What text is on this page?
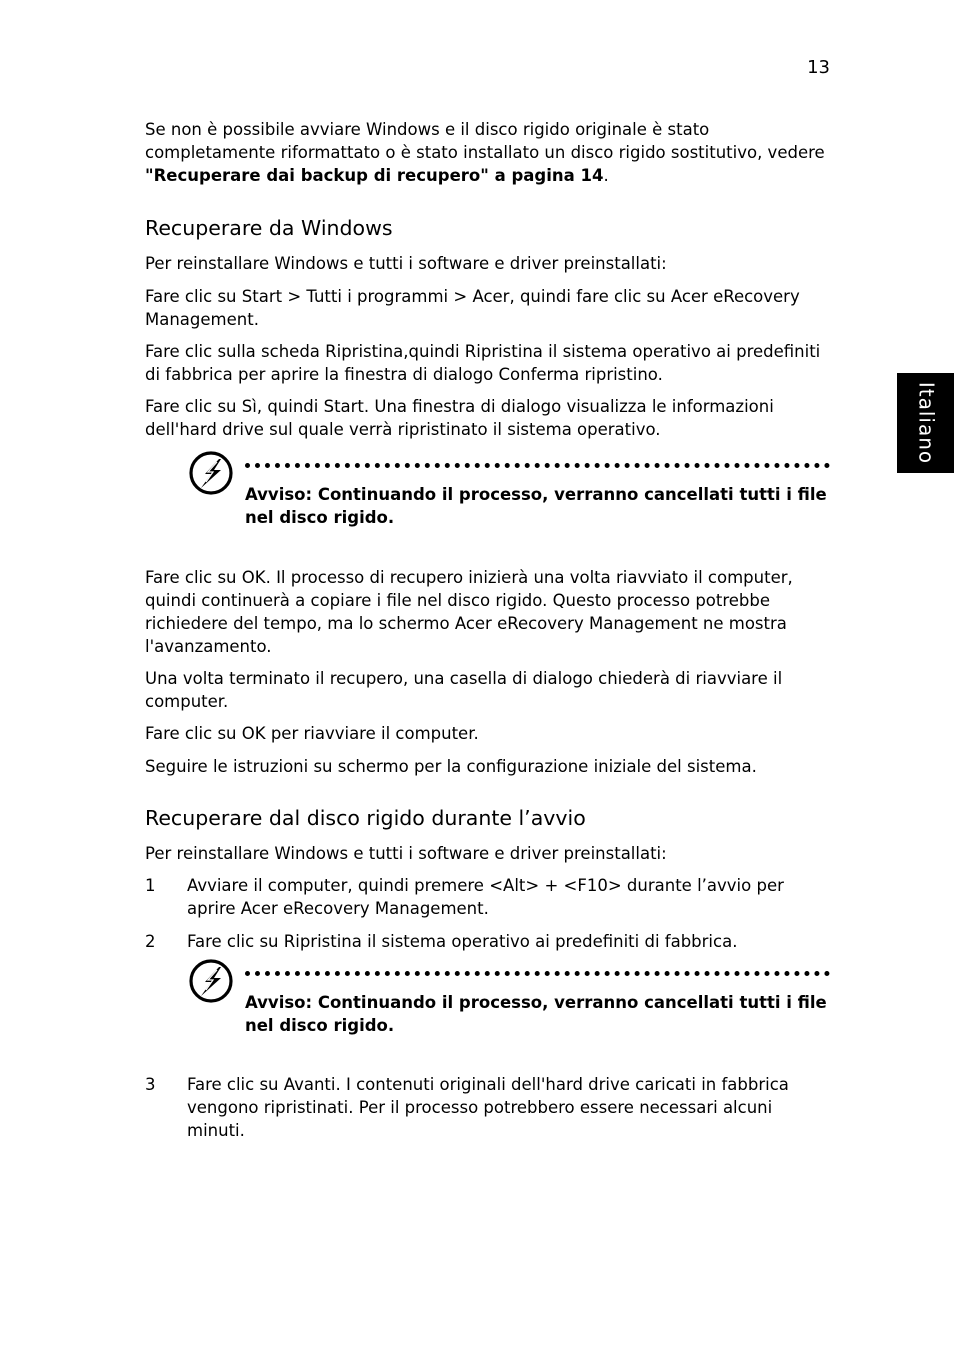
13
Italiano

Se non è possibile avviare Windows e il disco rigido originale è stato completamente riformattato o è stato installato un disco rigido sostitutivo, vedere "Recuperare dai backup di recupero" a pagina 14.

Recuperare da Windows

Per reinstallare Windows e tutti i software e driver preinstallati:

Fare clic su Start > Tutti i programmi > Acer, quindi fare clic su Acer eRecovery Management.

Fare clic sulla scheda Ripristina,quindi Ripristina il sistema operativo ai predefiniti di fabbrica per aprire la finestra di dialogo Conferma ripristino.

Fare clic su Sì, quindi Start. Una finestra di dialogo visualizza le informazioni dell'hard drive sul quale verrà ripristinato il sistema operativo.

Avviso: Continuando il processo, verranno cancellati tutti i file nel disco rigido.

Fare clic su OK. Il processo di recupero inizierà una volta riavviato il computer, quindi continuerà a copiare i file nel disco rigido. Questo processo potrebbe richiedere del tempo, ma lo schermo Acer eRecovery Management ne mostra l'avanzamento.

Una volta terminato il recupero, una casella di dialogo chiederà di riavviare il computer.

Fare clic su OK per riavviare il computer.

Seguire le istruzioni su schermo per la configurazione iniziale del sistema.

Recuperare dal disco rigido durante l’avvio

Per reinstallare Windows e tutti i software e driver preinstallati:

1	Avviare il computer, quindi premere <Alt> + <F10> durante l’avvio per aprire Acer eRecovery Management.
2	Fare clic su Ripristina il sistema operativo ai predefiniti di fabbrica.
Avviso: Continuando il processo, verranno cancellati tutti i file nel disco rigido.
3	Fare clic su Avanti. I contenuti originali dell'hard drive caricati in fabbrica vengono ripristinati. Per il processo potrebbero essere necessari alcuni minuti.
